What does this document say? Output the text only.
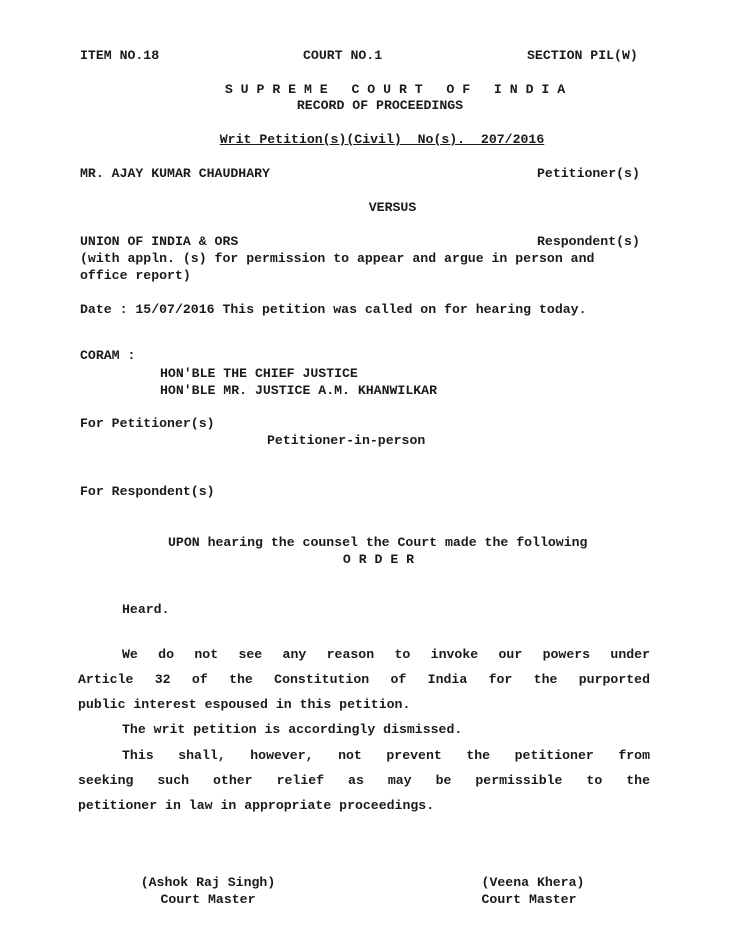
ITEM NO.18	COURT NO.1	SECTION PIL(W)
S U P R E M E   C O U R T   O F   I N D I A
RECORD OF PROCEEDINGS
Writ Petition(s)(Civil)  No(s).  207/2016
MR. AJAY KUMAR CHAUDHARY	Petitioner(s)
VERSUS
UNION OF INDIA & ORS	Respondent(s)
(with appln. (s) for permission to appear and argue in person and
office report)
Date : 15/07/2016 This petition was called on for hearing today.
CORAM :
HON'BLE THE CHIEF JUSTICE
HON'BLE MR. JUSTICE A.M. KHANWILKAR
For Petitioner(s)
Petitioner-in-person
For Respondent(s)
UPON hearing the counsel the Court made the following
O R D E R
Heard.
We do not see any reason to invoke our powers under
Article 32 of the Constitution of India for the purported
public interest espoused in this petition.
The writ petition is accordingly dismissed.
This shall, however, not prevent the petitioner from
seeking such other relief as may be permissible to the
petitioner in law in appropriate proceedings.
(Ashok Raj Singh)
Court Master
(Veena Khera)
Court Master
